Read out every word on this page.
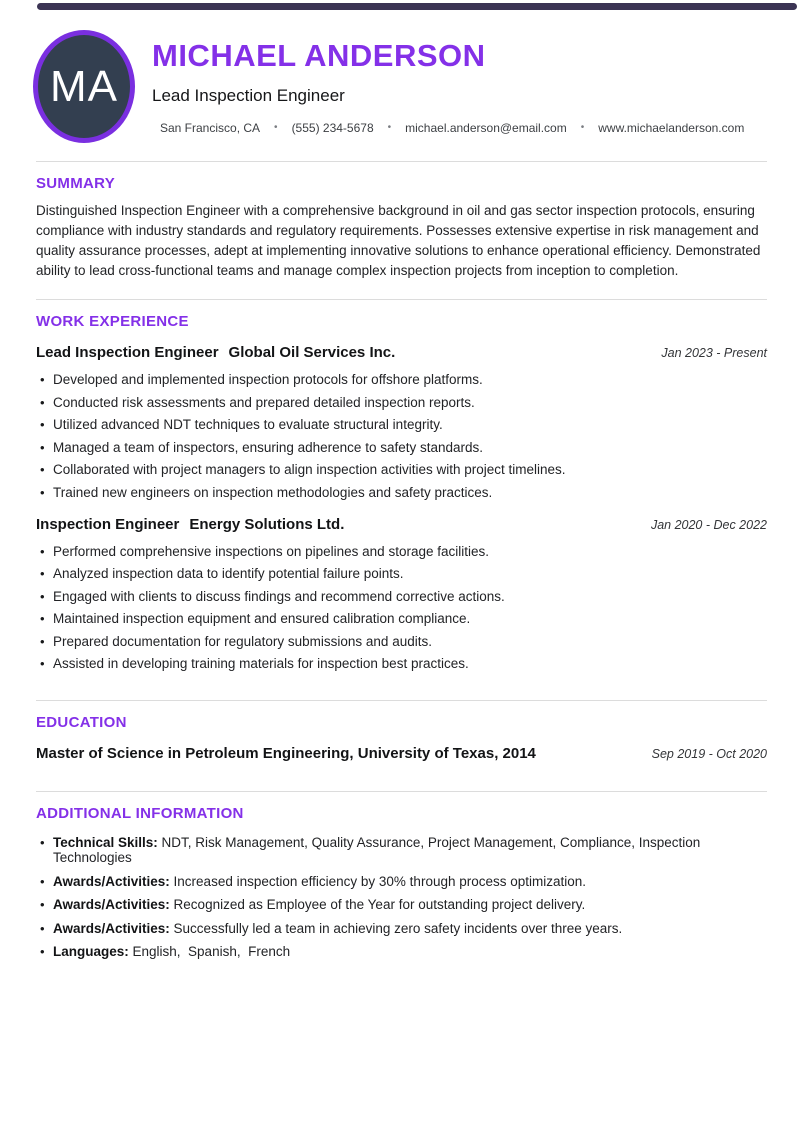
MA
MICHAEL ANDERSON
Lead Inspection Engineer
San Francisco, CA • (555) 234-5678 • michael.anderson@email.com • www.michaelanderson.com
SUMMARY

Distinguished Inspection Engineer with a comprehensive background in oil and gas sector inspection protocols, ensuring compliance with industry standards and regulatory requirements. Possesses extensive expertise in risk management and quality assurance processes, adept at implementing innovative solutions to enhance operational efficiency. Demonstrated ability to lead cross-functional teams and manage complex inspection projects from inception to completion.

WORK EXPERIENCE
Lead Inspection Engineer Global Oil Services Inc.	Jan 2023 - Present
• Developed and implemented inspection protocols for offshore platforms.
• Conducted risk assessments and prepared detailed inspection reports.
• Utilized advanced NDT techniques to evaluate structural integrity.
• Managed a team of inspectors, ensuring adherence to safety standards.
• Collaborated with project managers to align inspection activities with project timelines.
• Trained new engineers on inspection methodologies and safety practices.
Inspection Engineer Energy Solutions Ltd.	Jan 2020 - Dec 2022
• Performed comprehensive inspections on pipelines and storage facilities.
• Analyzed inspection data to identify potential failure points.
• Engaged with clients to discuss findings and recommend corrective actions.
• Maintained inspection equipment and ensured calibration compliance.
• Prepared documentation for regulatory submissions and audits.
• Assisted in developing training materials for inspection best practices.
EDUCATION
Master of Science in Petroleum Engineering, University of Texas, 2014	Sep 2019 - Oct 2020
ADDITIONAL INFORMATION
• Technical Skills: NDT, Risk Management, Quality Assurance, Project Management, Compliance, Inspection Technologies
• Awards/Activities: Increased inspection efficiency by 30% through process optimization.
• Awards/Activities: Recognized as Employee of the Year for outstanding project delivery.
• Awards/Activities: Successfully led a team in achieving zero safety incidents over three years.
• Languages: English,  Spanish,  French
